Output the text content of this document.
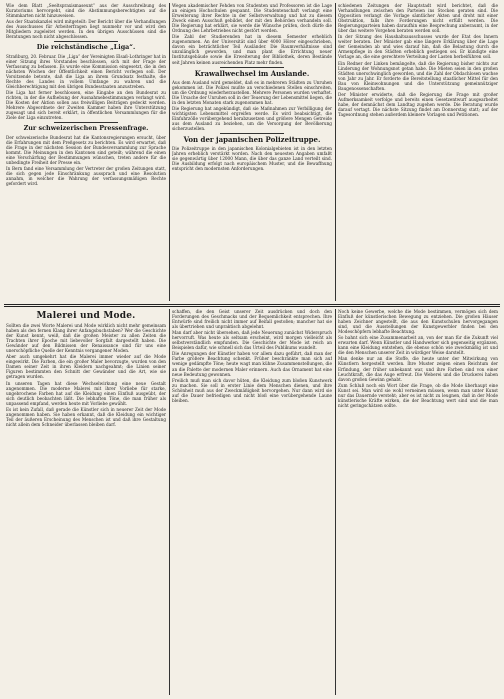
Wie dem Blatt „Seeltspraxismaseunt“ aus der Ausschreibung des Kuratoriums hervorgeht, sind die Abstimmungsberechtigten auf die Stimmkarten nicht hinzuweisen.

Aus der Staatskanzlei wird mitgeteilt: Der Bericht über die Verhandlungen des Ausschusses für Arbeiterfragen liegt nunmehr vor und wird den Mitgliedern zugeleitet werden. In den übrigen Ausschüssen sind die Beratungen noch nicht abgeschlossen.

Die reichständische „Liga“.

Straßburg, 20. Februar. Die „Liga“ der Vereinigten Elsaß-Lothringer hat in einer Sitzung ihres Vorstandes beschlossen, sich mit der Frage der Verfassung zu befassen. Es wurde eine Kommission eingesetzt, die in den nächsten Wochen der Öffentlichkeit einen Bericht vorlegen soll. Der Vorsitzende betonte, daß die Liga an ihrem Grundsatz festhalte, die Rechte des Landes in vollem Umfange zu wahren und die Gleichberechtigung mit den übrigen Bundesstaaten anzustreben.

Die Liga hat ferner beschlossen, eine Eingabe an den Bundesrat zu richten, in der die Aufhebung der Ausnahmebestimmungen verlangt wird. Die Kosten der Aktion sollen aus freiwilligen Beiträgen gedeckt werden. Mehrere Abgeordnete der Zweiten Kammer haben ihre Unterstützung zugesagt und sich bereit erklärt, in öffentlichen Versammlungen für die Ziele der Liga einzutreten.

Zur schweizerischen Pressenfrage.

Der schweizerische Bundesrat hat die Kantonsregierungen ersucht, über die Erfahrungen mit dem Preßgesetz zu berichten. Es wird erwartet, daß die Frage in der nächsten Session der Bundesversammlung zur Sprache kommt. Die Meinungen in den Kantonen sind geteilt; während die einen eine Verschärfung der Bestimmungen wünschen, treten andere für die unbedingte Freiheit der Presse ein.

In Bern fand eine Versammlung der Vertreter der großen Zeitungen statt, die sich gegen jede Einschränkung aussprach und eine Resolution annahm, in welcher die Wahrung der verfassungsmäßigen Rechte gefordert wird.

Wegen akademischer Fehden von Studenten und Professoren ist die Lage an einigen Hochschulen gespannt. Die Studentenschaft verlangt eine Erweiterung ihrer Rechte in der Selbstverwaltung und hat zu diesem Zweck einen Ausschuß gebildet, der mit den Behörden verhandeln soll. Die Regierung hat erklärt, sie werde die Wünsche prüfen, doch dürfe die Ordnung des Lehrbetriebes nicht gestört werden.

Die Zahl der Studierenden hat in diesem Semester erheblich zugenommen. An der Universität sind über 4000 Hörer eingeschrieben, davon ein beträchtlicher Teil Ausländer. Die Raumverhältnisse sind unzulänglich geworden, und man plant die Errichtung neuer Institutsgebäude sowie die Erweiterung der Bibliothek, deren Bestände seit Jahren keinen ausreichenden Platz mehr finden.

Krawallwechsel im Auslande.

Aus dem Ausland wird gemeldet, daß es in mehreren Städten zu Unruhen gekommen ist. Die Polizei mußte an verschiedenen Stellen einschreiten, um die Ordnung wiederherzustellen. Mehrere Personen wurden verhaftet. Die Ursache der Unruhen soll in der Teuerung der Lebensmittel liegen, die in den letzten Monaten stark zugenommen hat.

Die Regierung hat angekündigt, daß sie Maßnahmen zur Verbilligung der wichtigsten Lebensmittel ergreifen werde. Es wird beabsichtigt, die Einfuhrzölle vorübergehend herabzusetzen und größere Mengen Getreide aus dem Ausland zu beziehen, um die Versorgung der Bevölkerung sicherzustellen.

Von der japanischen Polizeitruppe.

Die Polizeitruppe in den japanischen Kolonialgebieten ist in den letzten Jahren erheblich verstärkt worden. Nach den neuesten Angaben umfaßt sie gegenwärtig über 12000 Mann, die über das ganze Land verteilt sind. Die Ausbildung erfolgt nach europäischem Muster, und die Bewaffnung entspricht den modernsten Anforderungen.

schiedenen Zeitungen der Hauptstadt wird berichtet, daß die Verhandlungen zwischen den Parteien ins Stocken geraten sind. Die Opposition verlangt die Vorlage sämtlicher Akten und droht mit einer Obstruktion, falls ihre Forderungen nicht erfüllt werden. Die Regierungsparteien haben daraufhin eine Besprechung anberaumt, in der über das weitere Vorgehen beraten werden soll.

In der Sitzung des Haushaltsausschusses wurde der Etat des Innern weiter beraten. Der Minister gab eine längere Erklärung über die Lage der Gemeinden ab und wies darauf hin, daß die Belastung durch die Armenpflege in den Städten erheblich gestiegen sei. Er kündigte eine Vorlage an, die eine gerechtere Verteilung der Lasten herbeiführen soll.

Ein Redner der Linken bemängelte, daß die Regierung bisher nichts zur Linderung der Wohnungsnot getan habe. Die Mieten seien in den großen Städten unerschwinglich geworden, und die Zahl der Obdachlosen wachse von Jahr zu Jahr. Er forderte die Bereitstellung staatlicher Mittel für den Bau von Kleinwohnungen und die Unterstützung gemeinnütziger Baugenossenschaften.

Der Minister erwiderte, daß die Regierung die Frage mit großer Aufmerksamkeit verfolge und bereits einen Gesetzentwurf ausgearbeitet habe, der demnächst dem Landtag zugehen werde. Die Beratung wurde darauf vertagt. Die nächste Sitzung findet am Donnerstag statt; auf der Tagesordnung stehen außerdem kleinere Vorlagen und Petitionen.

Malerei und Mode.

Sollten die zwei Worte Malerei und Mode wirklich nicht mehr gemeinsam haben als den fernen Klang ihrer Anfangsbuchstaben? Wer die Geschichte der Kunst kennt, weiß, daß die großen Meister zu allen Zeiten die Trachten ihrer Epoche mit liebevoller Sorgfalt dargestellt haben. Die Gewänder auf den Bildnissen der Renaissance sind für uns eine unerschöpfliche Quelle der Kenntnis vergangener Moden.

Aber auch umgekehrt hat die Malerei immer wieder auf die Mode eingewirkt. Die Farben, die ein großer Maler bevorzugte, wurden von den Damen seiner Zeit in ihren Kleidern nachgeahmt; die Linien seiner Figuren bestimmten den Schnitt der Gewänder und die Art, wie sie getragen wurden.

In unseren Tagen hat diese Wechselwirkung eine neue Gestalt angenommen. Die moderne Malerei mit ihrer Vorliebe für starke, ungebrochene Farben hat auf die Kleidung einen Einfluß ausgeübt, der sich deutlich beobachten läßt. Die lebhaften Töne, die man früher als unpassend empfand, werden heute mit Vorliebe gewählt.

Es ist kein Zufall, daß gerade die Künstler sich in neuerer Zeit der Mode angenommen haben. Sie haben erkannt, daß die Kleidung ein wichtiger Teil der äußeren Erscheinung des Menschen ist und daß ihre Gestaltung nicht allein dem Schneider überlassen bleiben darf.

schaffen, die den Geist unserer Zeit ausdrücken und doch den Forderungen des Geschmacks und der Bequemlichkeit entsprechen. Ihre Entwürfe sind freilich nicht immer auf Beifall gestoßen; mancher hat sie als übertrieben und unpraktisch abgelehnt.

Man darf aber nicht übersehen, daß jede Neuerung zunächst Widerspruch hervorruft. Was heute als seltsam erscheint, wird morgen vielleicht als selbstverständlich empfunden. Die Geschichte der Mode ist reich an Beispielen dafür, wie schnell sich das Urteil des Publikums wandelt.

Die Anregungen der Künstler haben vor allem dazu geführt, daß man der Farbe größere Beachtung schenkt. Früher beschränkte man sich auf wenige gedämpfte Töne; heute wagt man kühne Zusammenstellungen, die an die Palette der modernen Maler erinnern. Auch das Ornament hat eine neue Bedeutung gewonnen.

Freilich muß man sich davor hüten, die Kleidung zum bloßen Kunstwerk zu machen. Sie soll in erster Linie dem Menschen dienen, und ihre Schönheit muß aus der Zweckmäßigkeit hervorgehen. Nur dann wird sie auf die Dauer befriedigen und nicht bloß eine vorübergehende Laune bleiben.

Noch keine Gewerbe, welche die Mode bestimmen, vermögen sich dem Einfluß der künstlerischen Bewegung zu entziehen. Die großen Häuser haben Zeichner angestellt, die aus den Kunstschulen hervorgegangen sind, und die Ausstellungen der Kunstgewerbler finden bei den Modeschöpfern lebhafte Beachtung.

So bahnt sich eine Zusammenarbeit an, von der man für die Zukunft viel erwarten darf. Wenn Künstler und Handwerker sich gegenseitig ergänzen, kann eine Kleidung entstehen, die ebenso schön wie zweckmäßig ist und die den Menschen unserer Zeit in würdiger Weise darstellt.

Man denke nur an die Stoffe, die heute unter der Mitwirkung von Künstlern hergestellt werden. Ihre Muster zeigen einen Reichtum der Erfindung, der früher unbekannt war, und ihre Farben sind von einer Leuchtkraft, die das Auge erfreut. Die Weberei und die Druckerei haben davon großen Gewinn gehabt.

Zum Schluß noch ein Wort über die Frage, ob die Mode überhaupt eine Kunst sei. Man wird sie wohl verneinen müssen, wenn man unter Kunst nur das Dauernde versteht; aber es ist nicht zu leugnen, daß in der Mode künstlerische Kräfte wirken, die der Beachtung wert sind und die man nicht geringschätzen sollte.
